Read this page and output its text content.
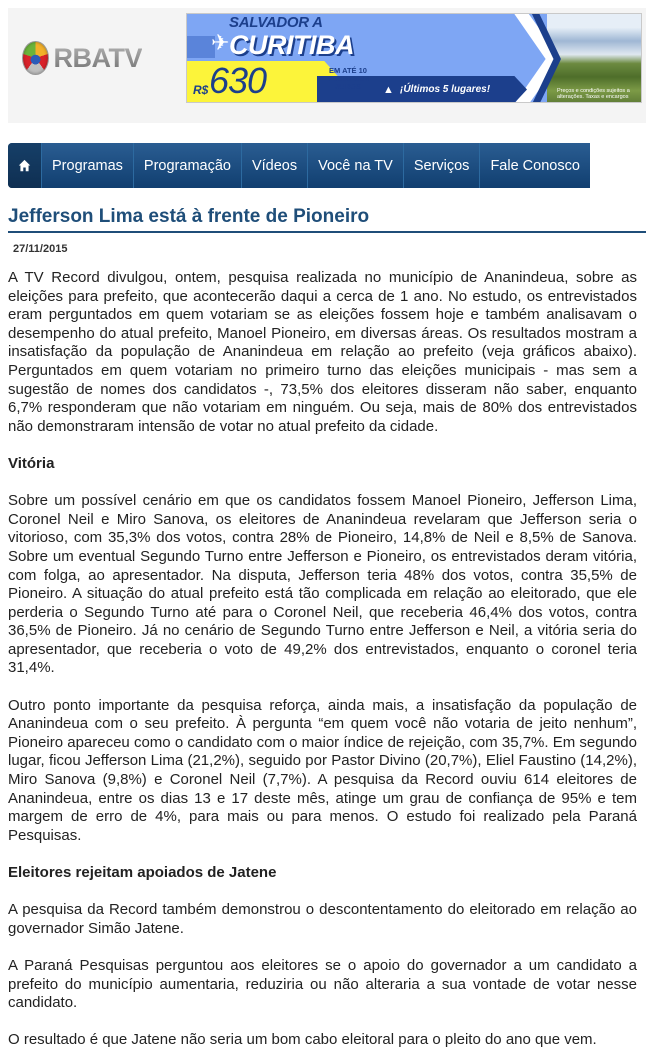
RBATV
SALVADOR A
✈ CURITIBA
R$ 630	EM ATÉ 10 VEZES SEM JUROS	▲ ¡Últimos 5 lugares!	Preços e condições sujeitos a alterações. Taxas e encargos
Programas	Programação	Vídeos	Você na TV	Serviços	Fale Conosco
Jefferson Lima está à frente de Pioneiro
27/11/2015

A TV Record divulgou, ontem, pesquisa realizada no município de Ananindeua, sobre as eleições para prefeito, que acontecerão daqui a cerca de 1 ano. No estudo, os entrevistados eram perguntados em quem votariam se as eleições fossem hoje e também analisavam o desempenho do atual prefeito, Manoel Pioneiro, em diversas áreas. Os resultados mostram a insatisfação da população de Ananindeua em relação ao prefeito (veja gráficos abaixo). Perguntados em quem votariam no primeiro turno das eleições municipais - mas sem a sugestão de nomes dos candidatos -, 73,5% dos eleitores disseram não saber, enquanto 6,7% responderam que não votariam em ninguém. Ou seja, mais de 80% dos entrevistados não demonstraram intensão de votar no atual prefeito da cidade.

Vitória

Sobre um possível cenário em que os candidatos fossem Manoel Pioneiro, Jefferson Lima, Coronel Neil e Miro Sanova, os eleitores de Ananindeua revelaram que Jefferson seria o vitorioso, com 35,3% dos votos, contra 28% de Pioneiro, 14,8% de Neil e 8,5% de Sanova. Sobre um eventual Segundo Turno entre Jefferson e Pioneiro, os entrevistados deram vitória, com folga, ao apresentador. Na disputa, Jefferson teria 48% dos votos, contra 35,5% de Pioneiro. A situação do atual prefeito está tão complicada em relação ao eleitorado, que ele perderia o Segundo Turno até para o Coronel Neil, que receberia 46,4% dos votos, contra 36,5% de Pioneiro. Já no cenário de Segundo Turno entre Jefferson e Neil, a vitória seria do apresentador, que receberia o voto de 49,2% dos entrevistados, enquanto o coronel teria 31,4%.

Outro ponto importante da pesquisa reforça, ainda mais, a insatisfação da população de Ananindeua com o seu prefeito. À pergunta “em quem você não votaria de jeito nenhum”, Pioneiro apareceu como o candidato com o maior índice de rejeição, com 35,7%. Em segundo lugar, ficou Jefferson Lima (21,2%), seguido por Pastor Divino (20,7%), Eliel Faustino (14,2%), Miro Sanova (9,8%) e Coronel Neil (7,7%). A pesquisa da Record ouviu 614 eleitores de Ananindeua, entre os dias 13 e 17 deste mês, atinge um grau de confiança de 95% e tem margem de erro de 4%, para mais ou para menos. O estudo foi realizado pela Paraná Pesquisas.

Eleitores rejeitam apoiados de Jatene

A pesquisa da Record também demonstrou o descontentamento do eleitorado em relação ao governador Simão Jatene.

A Paraná Pesquisas perguntou aos eleitores se o apoio do governador a um candidato a prefeito do município aumentaria, reduziria ou não alteraria a sua vontade de votar nesse candidato.

O resultado é que Jatene não seria um bom cabo eleitoral para o pleito do ano que vem.
